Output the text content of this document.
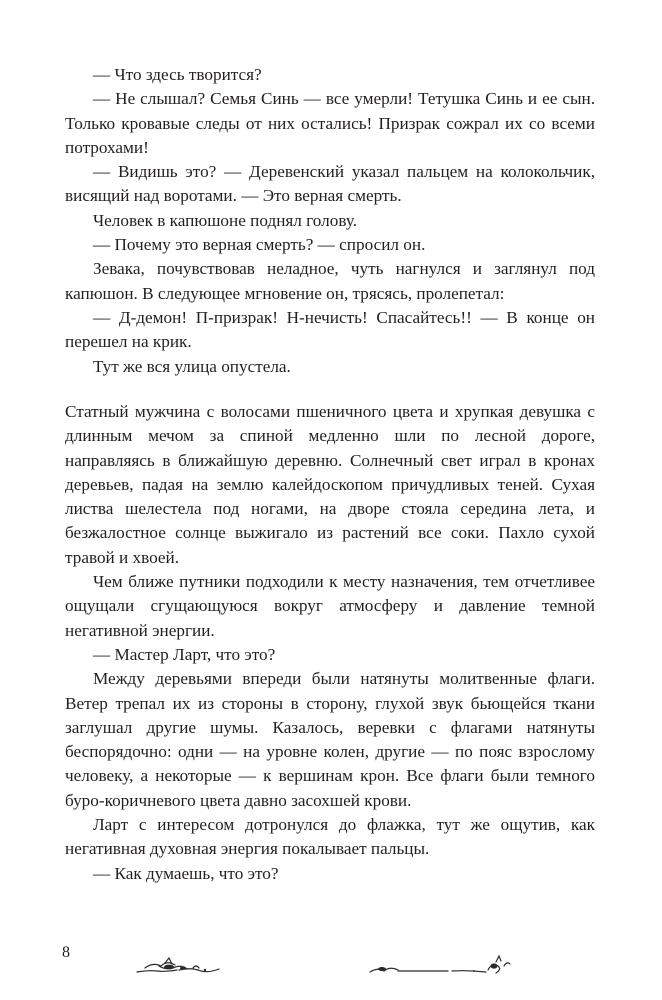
— Что здесь творится?

— Не слышал? Семья Синь — все умерли! Тетушка Синь и ее сын. Только кровавые следы от них остались! Призрак сожрал их со всеми потрохами!

— Видишь это? — Деревенский указал пальцем на колокольчик, висящий над воротами. — Это верная смерть.

Человек в капюшоне поднял голову.

— Почему это верная смерть? — спросил он.

Зевака, почувствовав неладное, чуть нагнулся и заглянул под капюшон. В следующее мгновение он, трясясь, пролепетал:

— Д-демон! П-призрак! Н-нечисть! Спасайтесь!! — В конце он перешел на крик.

Тут же вся улица опустела.

Статный мужчина с волосами пшеничного цвета и хрупкая девушка с длинным мечом за спиной медленно шли по лесной дороге, направляясь в ближайшую деревню. Солнечный свет играл в кронах деревьев, падая на землю калейдоскопом причудливых теней. Сухая листва шелестела под ногами, на дворе стояла середина лета, и безжалостное солнце выжигало из растений все соки. Пахло сухой травой и хвоей.

Чем ближе путники подходили к месту назначения, тем отчетливее ощущали сгущающуюся вокруг атмосферу и давление темной негативной энергии.

— Мастер Ларт, что это?

Между деревьями впереди были натянуты молитвенные флаги. Ветер трепал их из стороны в сторону, глухой звук бьющейся ткани заглушал другие шумы. Казалось, веревки с флагами натянуты беспорядочно: одни — на уровне колен, другие — по пояс взрослому человеку, а некоторые — к вершинам крон. Все флаги были темного буро-коричневого цвета давно засохшей крови.

Ларт с интересом дотронулся до флажка, тут же ощутив, как негативная духовная энергия покалывает пальцы.

— Как думаешь, что это?

8
